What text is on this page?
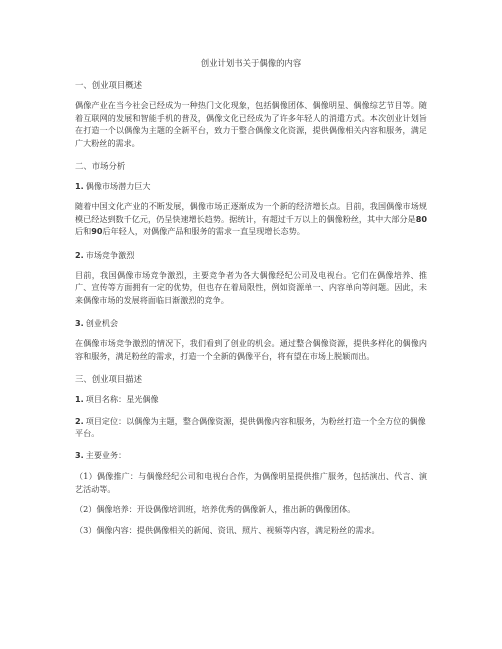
创业计划书关于偶像的内容
一、创业项目概述
偶像产业在当今社会已经成为一种热门文化现象，包括偶像团体、偶像明星、偶像综艺节目等。随着互联网的发展和智能手机的普及，偶像文化已经成为了许多年轻人的消遣方式。本次创业计划旨在打造一个以偶像为主题的全新平台，致力于整合偶像文化资源，提供偶像相关内容和服务，满足广大粉丝的需求。
二、市场分析
1. 偶像市场潜力巨大
随着中国文化产业的不断发展，偶像市场正逐渐成为一个新的经济增长点。目前，我国偶像市场规模已经达到数千亿元，仍呈快速增长趋势。据统计，有超过千万以上的偶像粉丝，其中大部分是80后和90后年轻人，对偶像产品和服务的需求一直呈现增长态势。
2. 市场竞争激烈
目前，我国偶像市场竞争激烈，主要竞争者为各大偶像经纪公司及电视台。它们在偶像培养、推广、宣传等方面拥有一定的优势，但也存在着局限性，例如资源单一、内容单向等问题。因此，未来偶像市场的发展将面临日渐激烈的竞争。
3. 创业机会
在偶像市场竞争激烈的情况下，我们看到了创业的机会。通过整合偶像资源，提供多样化的偶像内容和服务，满足粉丝的需求，打造一个全新的偶像平台，将有望在市场上脱颖而出。
三、创业项目描述
1. 项目名称：星光偶像
2. 项目定位：以偶像为主题，整合偶像资源，提供偶像内容和服务，为粉丝打造一个全方位的偶像平台。
3. 主要业务：
（1）偶像推广：与偶像经纪公司和电视台合作，为偶像明星提供推广服务，包括演出、代言、演艺活动等。
（2）偶像培养：开设偶像培训班，培养优秀的偶像新人，推出新的偶像团体。
（3）偶像内容：提供偶像相关的新闻、资讯、照片、视频等内容，满足粉丝的需求。
